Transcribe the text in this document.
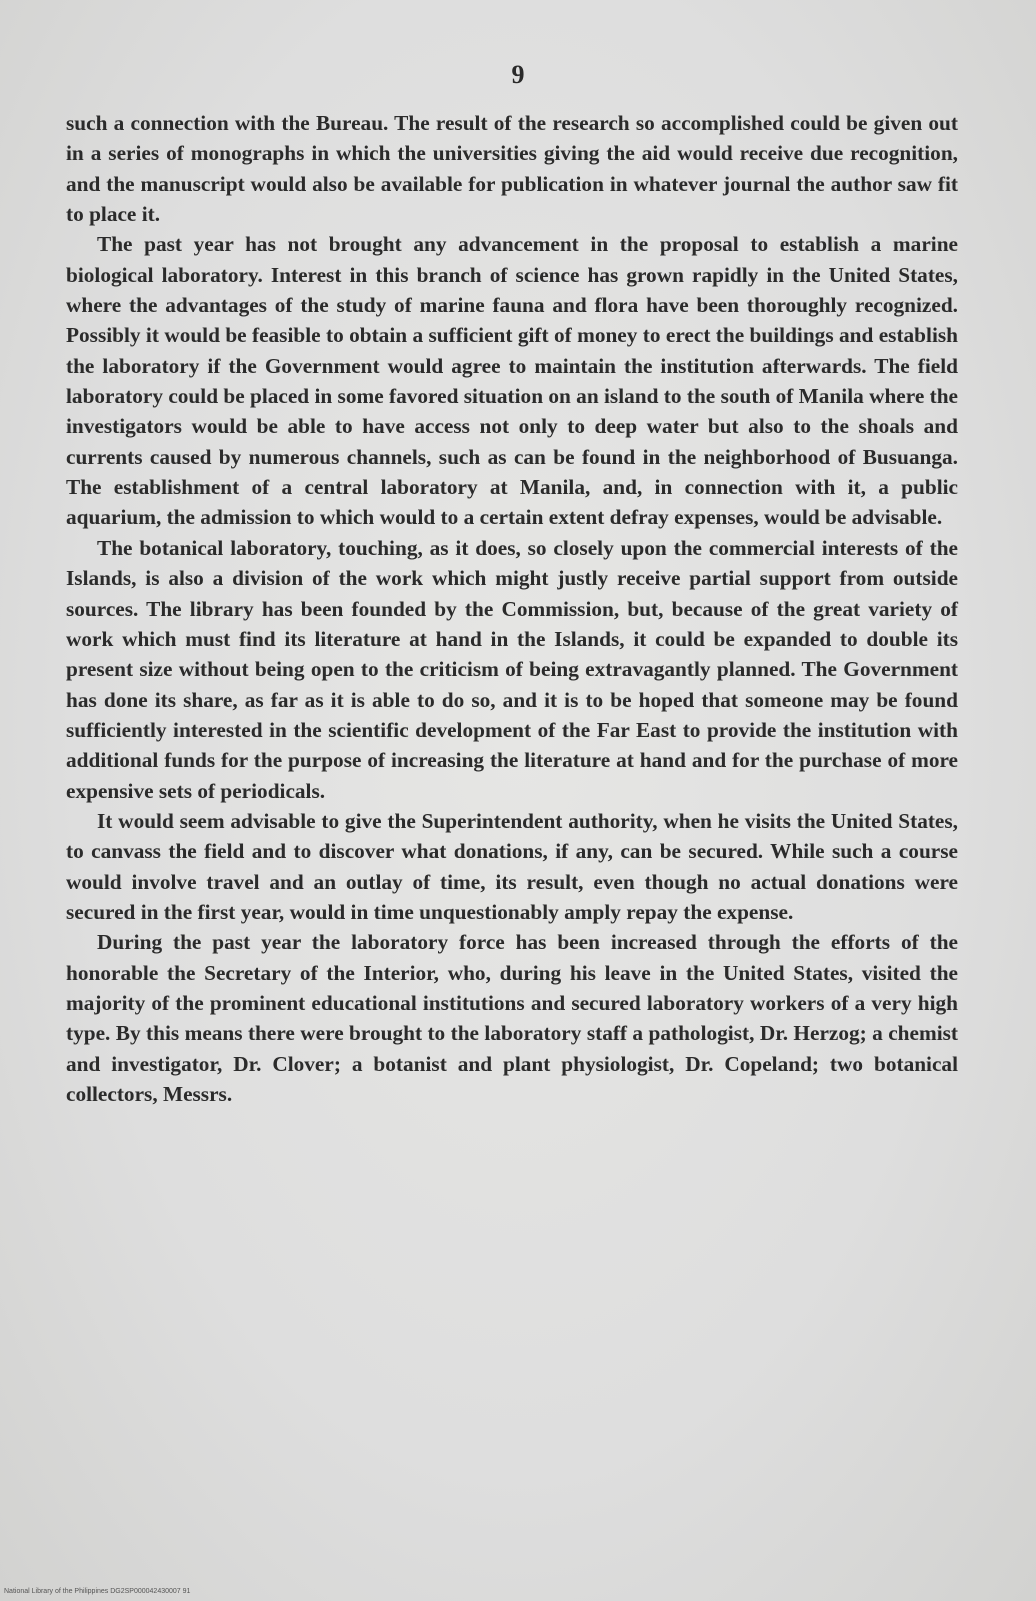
9

such a connection with the Bureau. The result of the research so accomplished could be given out in a series of monographs in which the universities giving the aid would receive due recognition, and the manuscript would also be available for publication in whatever journal the author saw fit to place it.

The past year has not brought any advancement in the proposal to establish a marine biological laboratory. Interest in this branch of science has grown rapidly in the United States, where the advantages of the study of marine fauna and flora have been thoroughly recognized. Possibly it would be feasible to obtain a sufficient gift of money to erect the buildings and establish the laboratory if the Government would agree to maintain the institution afterwards. The field laboratory could be placed in some favored situation on an island to the south of Manila where the investigators would be able to have access not only to deep water but also to the shoals and currents caused by numerous channels, such as can be found in the neighborhood of Busuanga. The establishment of a central laboratory at Manila, and, in connection with it, a public aquarium, the admission to which would to a certain extent defray expenses, would be advisable.

The botanical laboratory, touching, as it does, so closely upon the commercial interests of the Islands, is also a division of the work which might justly receive partial support from outside sources. The library has been founded by the Commission, but, because of the great variety of work which must find its literature at hand in the Islands, it could be expanded to double its present size without being open to the criticism of being extravagantly planned. The Government has done its share, as far as it is able to do so, and it is to be hoped that someone may be found sufficiently interested in the scientific development of the Far East to provide the institution with additional funds for the purpose of increasing the literature at hand and for the purchase of more expensive sets of periodicals.

It would seem advisable to give the Superintendent authority, when he visits the United States, to canvass the field and to discover what donations, if any, can be secured. While such a course would involve travel and an outlay of time, its result, even though no actual donations were secured in the first year, would in time unquestionably amply repay the expense.

During the past year the laboratory force has been increased through the efforts of the honorable the Secretary of the Interior, who, during his leave in the United States, visited the majority of the prominent educational institutions and secured laboratory workers of a very high type. By this means there were brought to the laboratory staff a pathologist, Dr. Herzog; a chemist and investigator, Dr. Clover; a botanist and plant physiologist, Dr. Copeland; two botanical collectors, Messrs.

National Library of the Philippines DG2SP000042430007 91
